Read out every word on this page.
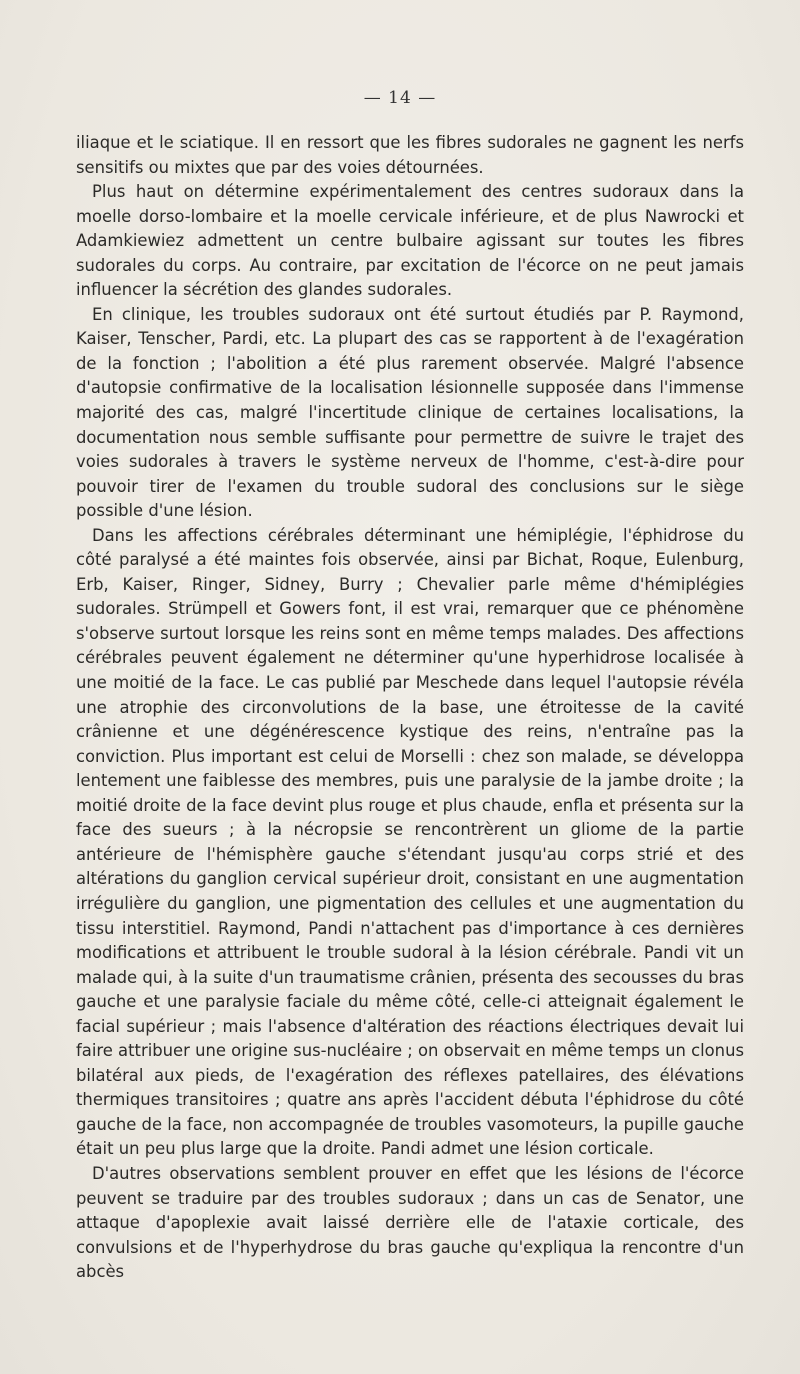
— 14 —

iliaque et le sciatique. Il en ressort que les fibres sudorales ne gagnent les nerfs sensitifs ou mixtes que par des voies détournées.

Plus haut on détermine expérimentalement des centres sudoraux dans la moelle dorso-lombaire et la moelle cervicale inférieure, et de plus Nawrocki et Adamkiewiez admettent un centre bulbaire agissant sur toutes les fibres sudorales du corps. Au contraire, par excitation de l'écorce on ne peut jamais influencer la sécrétion des glandes sudorales.

En clinique, les troubles sudoraux ont été surtout étudiés par P. Raymond, Kaiser, Tenscher, Pardi, etc. La plupart des cas se rapportent à de l'exagération de la fonction ; l'abolition a été plus rarement observée. Malgré l'absence d'autopsie confirmative de la localisation lésionnelle supposée dans l'immense majorité des cas, malgré l'incertitude clinique de certaines localisations, la documentation nous semble suffisante pour permettre de suivre le trajet des voies sudorales à travers le système nerveux de l'homme, c'est-à-dire pour pouvoir tirer de l'examen du trouble sudoral des conclusions sur le siège possible d'une lésion.

Dans les affections cérébrales déterminant une hémiplégie, l'éphidrose du côté paralysé a été maintes fois observée, ainsi par Bichat, Roque, Eulenburg, Erb, Kaiser, Ringer, Sidney, Burry ; Chevalier parle même d'hémiplégies sudorales. Strümpell et Gowers font, il est vrai, remarquer que ce phénomène s'observe surtout lorsque les reins sont en même temps malades. Des affections cérébrales peuvent également ne déterminer qu'une hyperhidrose localisée à une moitié de la face. Le cas publié par Meschede dans lequel l'autopsie révéla une atrophie des circonvolutions de la base, une étroitesse de la cavité crânienne et une dégénérescence kystique des reins, n'entraîne pas la conviction. Plus important est celui de Morselli : chez son malade, se développa lentement une faiblesse des membres, puis une paralysie de la jambe droite ; la moitié droite de la face devint plus rouge et plus chaude, enfla et présenta sur la face des sueurs ; à la nécropsie se rencontrèrent un gliome de la partie antérieure de l'hémisphère gauche s'étendant jusqu'au corps strié et des altérations du ganglion cervical supérieur droit, consistant en une augmentation irrégulière du ganglion, une pigmentation des cellules et une augmentation du tissu interstitiel. Raymond, Pandi n'attachent pas d'importance à ces dernières modifications et attribuent le trouble sudoral à la lésion cérébrale. Pandi vit un malade qui, à la suite d'un traumatisme crânien, présenta des secousses du bras gauche et une paralysie faciale du même côté, celle-ci atteignait également le facial supérieur ; mais l'absence d'altération des réactions électriques devait lui faire attribuer une origine sus-nucléaire ; on observait en même temps un clonus bilatéral aux pieds, de l'exagération des réflexes patellaires, des élévations thermiques transitoires ; quatre ans après l'accident débuta l'éphidrose du côté gauche de la face, non accompagnée de troubles vasomoteurs, la pupille gauche était un peu plus large que la droite. Pandi admet une lésion corticale.

D'autres observations semblent prouver en effet que les lésions de l'écorce peuvent se traduire par des troubles sudoraux ; dans un cas de Senator, une attaque d'apoplexie avait laissé derrière elle de l'ataxie corticale, des convulsions et de l'hyperhydrose du bras gauche qu'expliqua la rencontre d'un abcès
